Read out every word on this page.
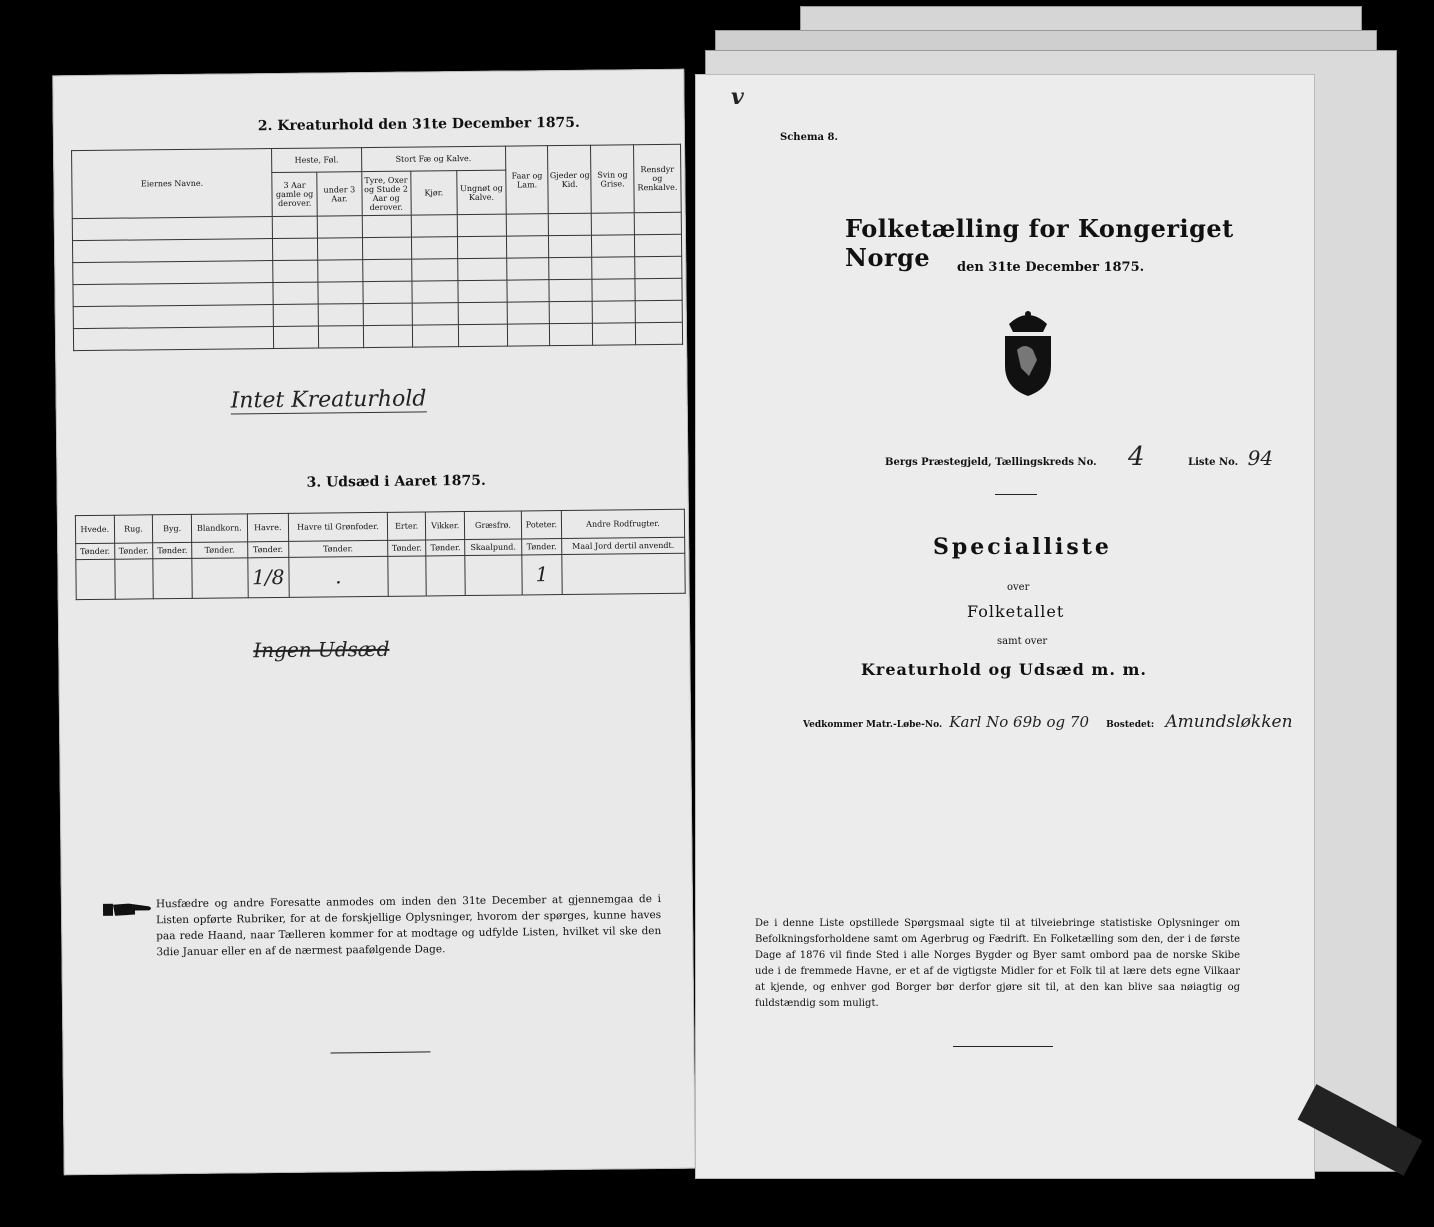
2. Kreaturhold den 31te December 1875.
Eiernes Navne.	Heste, Føl.		Stort Fæ og Kalve.			Faar og Lam.	Gjeder og Kid.	Svin og Grise.	Rensdyr og Renkalve.
	3 Aar gamle og derover.	under 3 Aar.	Tyre, Oxer og Stude 2 Aar og derover.	Kjør.	Ungnøt og Kalve.				

Intet Kreaturhold
3. Udsæd i Aaret 1875.
Hvede.	Rug.	Byg.	Blandkorn.	Havre.	Havre til Grønfoder.	Erter.	Vikker.	Græsfrø.	Poteter.	Andre Rodfrugter.
Tønder.	Tønder.	Tønder.	Tønder.	Tønder.	Tønder.	Tønder.	Tønder.	Skaalpund.	Tønder.	Maal Jord dertil anvendt.
				1/8	.				1	
Ingen Udsæd
Husfædre og andre Foresatte anmodes om inden den 31te December at gjennemgaa de i Listen opførte Rubriker, for at de forskjellige Oplysninger, hvorom der spørges, kunne haves paa rede Haand, naar Tælleren kommer for at modtage og udfylde Listen, hvilket vil ske den 3die Januar eller en af de nærmest paafølgende Dage.
v
Schema 8.
Folketælling for Kongeriget Norge	den 31te December 1875.
Bergs Præstegjeld, Tællingskreds No. 4	Liste No. 94
Specialliste
over
Folketallet
samt over
Kreaturhold og Udsæd m. m.
Vedkommer Matr.-Løbe-No. Karl No 69b og 70 Bostedet: Amundsløkken
De i denne Liste opstillede Spørgsmaal sigte til at tilveiebringe statistiske Oplysninger om Befolkningsforholdene samt om Agerbrug og Fædrift. En Folketælling som den, der i de første Dage af 1876 vil finde Sted i alle Norges Bygder og Byer samt ombord paa de norske Skibe ude i de fremmede Havne, er et af de vigtigste Midler for et Folk til at lære dets egne Vilkaar at kjende, og enhver god Borger bør derfor gjøre sit til, at den kan blive saa nøiagtig og fuldstændig som muligt.
